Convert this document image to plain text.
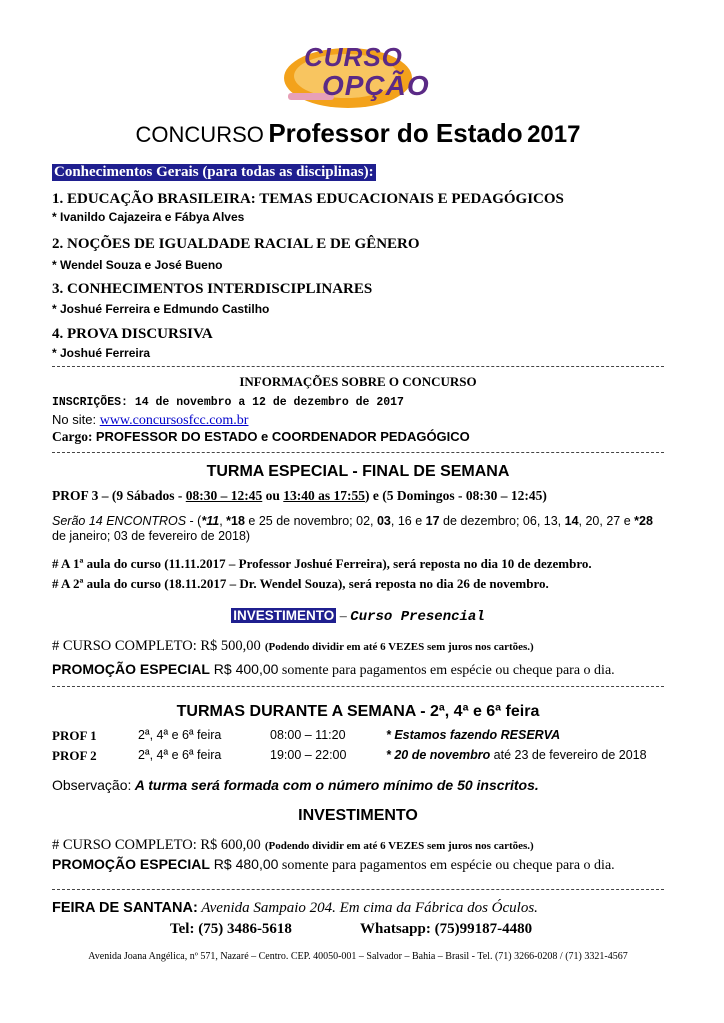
CURSO
OPÇÃO
CONCURSO Professor do Estado 2017
Conhecimentos Gerais (para todas as disciplinas):
1. EDUCAÇÃO BRASILEIRA: TEMAS EDUCACIONAIS E PEDAGÓGICOS
* Ivanildo Cajazeira e Fábya Alves
2. NOÇÕES DE IGUALDADE RACIAL E DE GÊNERO
* Wendel Souza e José Bueno
3. CONHECIMENTOS INTERDISCIPLINARES
* Joshué Ferreira e Edmundo Castilho
4. PROVA DISCURSIVA
* Joshué Ferreira
INFORMAÇÕES SOBRE O CONCURSO
INSCRIÇÕES: 14 de novembro a 12 de dezembro de 2017
No site: www.concursosfcc.com.br
Cargo: PROFESSOR DO ESTADO e COORDENADOR PEDAGÓGICO
TURMA ESPECIAL - FINAL DE SEMANA
PROF 3 – (9 Sábados - 08:30 – 12:45 ou 13:40 as 17:55) e (5 Domingos - 08:30 – 12:45)
Serão 14 ENCONTROS - (*11, *18 e 25 de novembro; 02, 03, 16 e 17 de dezembro; 06, 13, 14, 20, 27 e *28
de janeiro; 03 de fevereiro de 2018)
# A 1ª aula do curso (11.11.2017 – Professor Joshué Ferreira), será reposta no dia 10 de dezembro.
# A 2ª aula do curso (18.11.2017 – Dr. Wendel Souza), será reposta no dia 26 de novembro.
INVESTIMENTO – Curso Presencial
# CURSO COMPLETO: R$ 500,00 (Podendo dividir em até 6 VEZES sem juros nos cartões.)
PROMOÇÃO ESPECIAL R$ 400,00 somente para pagamentos em espécie ou cheque para o dia.
TURMAS DURANTE A SEMANA - 2ª, 4ª e 6ª feira
PROF 1	2ª, 4ª e 6ª feira	08:00 – 11:20	* Estamos fazendo RESERVA
PROF 2	2ª, 4ª e 6ª feira	19:00 – 22:00	* 20 de novembro até 23 de fevereiro de 2018
Observação: A turma será formada com o número mínimo de 50 inscritos.
INVESTIMENTO
# CURSO COMPLETO: R$ 600,00 (Podendo dividir em até 6 VEZES sem juros nos cartões.)
PROMOÇÃO ESPECIAL R$ 480,00 somente para pagamentos em espécie ou cheque para o dia.
FEIRA DE SANTANA: Avenida Sampaio 204. Em cima da Fábrica dos Óculos.
Tel: (75) 3486-5618	Whatsapp: (75)99187-4480
Avenida Joana Angélica, nº 571, Nazaré – Centro. CEP. 40050-001 – Salvador – Bahia – Brasil - Tel. (71) 3266-0208 / (71) 3321-4567
